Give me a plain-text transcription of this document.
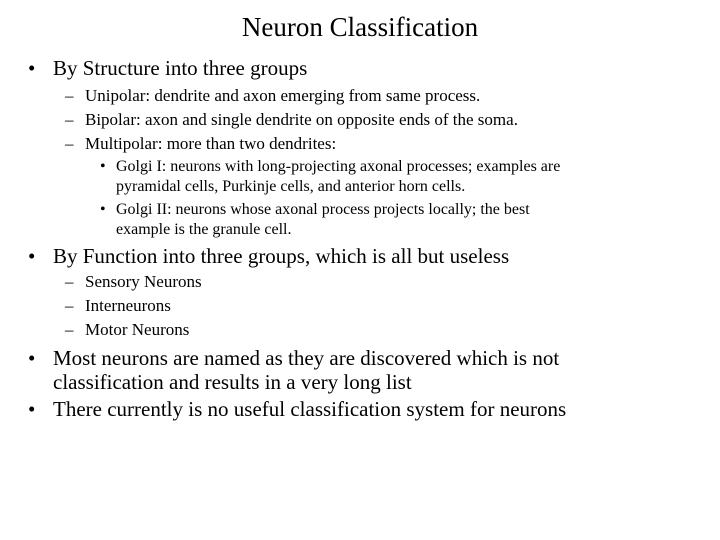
Neuron Classification
• By Structure into three groups
– Unipolar: dendrite and axon emerging from same process.
– Bipolar: axon and single dendrite on opposite ends of the soma.
– Multipolar: more than two dendrites:
• Golgi I: neurons with long-projecting axonal processes; examples are
pyramidal cells, Purkinje cells, and anterior horn cells.
• Golgi II: neurons whose axonal process projects locally; the best
example is the granule cell.
• By Function into three groups, which is all but useless
– Sensory Neurons
– Interneurons
– Motor Neurons
• Most neurons are named as they are discovered which is not
classification and results in a very long list
• There currently is no useful classification system for neurons
